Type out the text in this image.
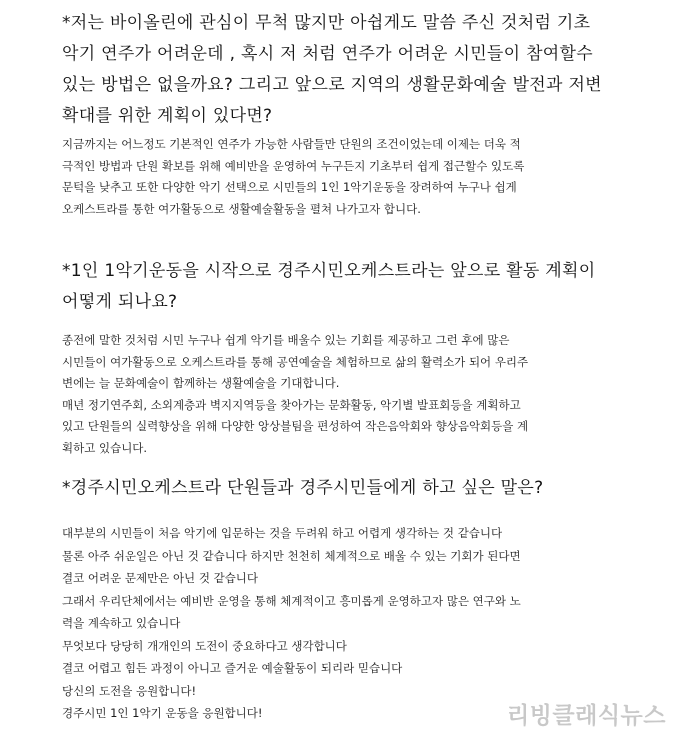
*저는 바이올린에 관심이 무척 많지만 아쉽게도 말씀 주신 것처럼 기초
악기 연주가 어려운데 , 혹시 저 처럼 연주가 어려운 시민들이 참여할수
있는 방법은 없을까요? 그리고 앞으로 지역의 생활문화예술 발전과 저변
확대를 위한 계획이 있다면?
지금까지는 어느정도 기본적인 연주가 가능한 사람들만 단원의 조건이었는데 이제는 더욱 적
극적인 방법과 단원 확보를 위해 예비반을 운영하여 누구든지 기초부터 쉽게 접근할수 있도록
문턱을 낮추고 또한 다양한 악기 선택으로 시민들의 1인 1악기운동을 장려하여 누구나 쉽게
오케스트라를 통한 여가활동으로 생활예술활동을 펼쳐 나가고자 합니다.
*1인 1악기운동을 시작으로 경주시민오케스트라는 앞으로 활동 계획이
어떻게 되나요?
종전에 말한 것처럼 시민 누구나 쉽게 악기를 배울수 있는 기회를 제공하고 그런 후에 많은
시민들이 여가활동으로 오케스트라를 통해 공연예술을 체험하므로 삶의 활력소가 되어 우리주
변에는 늘 문화예술이 함께하는 생활예술을 기대합니다.
매년 정기연주회, 소외계층과 벽지지역등을 찾아가는 문화활동, 악기별 발표회등을 계획하고
있고 단원들의 실력향상을 위해 다양한 앙상블팀을 편성하여 작은음악회와 향상음악회등을 계
획하고 있습니다.
*경주시민오케스트라 단원들과 경주시민들에게 하고 싶은 말은?
대부분의 시민들이 처음 악기에 입문하는 것을 두려워 하고 어렵게 생각하는 것 같습니다
물론 아주 쉬운일은 아닌 것 같습니다 하지만 천천히 체계적으로 배울 수 있는 기회가 된다면
결코 어려운 문제만은 아닌 것 같습니다
그래서 우리단체에서는 예비반 운영을 통해 체계적이고 흥미롭게 운영하고자 많은 연구와 노
력을 계속하고 있습니다
무엇보다 당당히 개개인의 도전이 중요하다고 생각합니다
결코 어렵고 힘든 과정이 아니고 즐거운 예술활동이 되리라 믿습니다
당신의 도전을 응원합니다!
경주시민 1인 1악기 운동을 응원합니다!	리빙클래식뉴스
